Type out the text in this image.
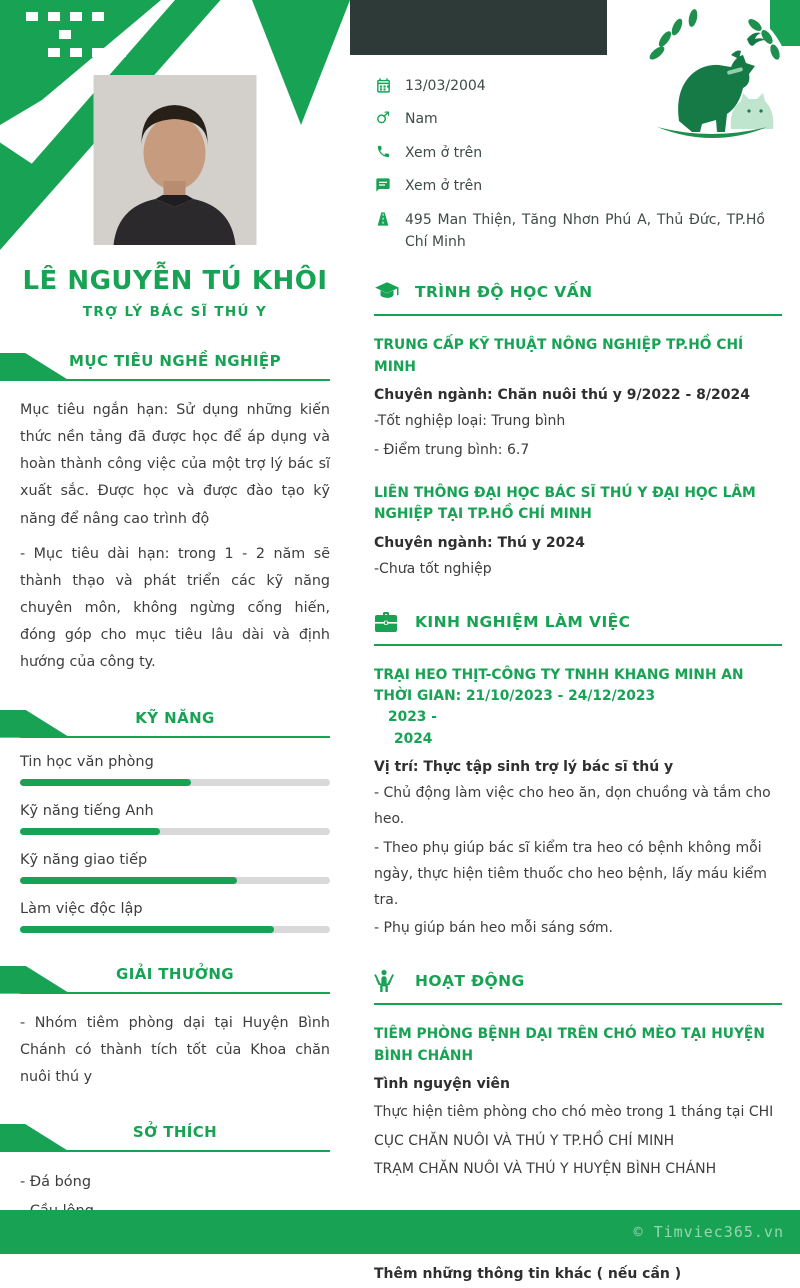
LÊ NGUYỄN TÚ KHÔI
TRỢ LÝ BÁC SĨ THÚ Y
MỤC TIÊU NGHỀ NGHIỆP

Mục tiêu ngắn hạn: Sử dụng những kiến thức nền tảng đã được học để áp dụng và hoàn thành công việc của một trợ lý bác sĩ xuất sắc. Được học và được đào tạo kỹ năng để nâng cao trình độ

- Mục tiêu dài hạn: trong 1 - 2 năm sẽ thành thạo và phát triển các kỹ năng chuyên môn, không ngừng cống hiến, đóng góp cho mục tiêu lâu dài và định hướng của công ty.

KỸ NĂNG
Tin học văn phòng
Kỹ năng tiếng Anh
Kỹ năng giao tiếp
Làm việc độc lập
GIẢI THƯỞNG

- Nhóm tiêm phòng dại tại Huyện Bình Chánh có thành tích tốt của Khoa chăn nuôi thú y

SỞ THÍCH
- Đá bóng
13/03/2004
♂ Nam
Xem ở trên
Xem ở trên
495 Man Thiện, Tăng Nhơn Phú A, Thủ Đức, TP.Hồ Chí Minh
TRÌNH ĐỘ HỌC VẤN
TRUNG CẤP KỸ THUẬT NÔNG NGHIỆP TP.HỒ CHÍ MINH
Chuyên ngành: Chăn nuôi thú y 9/2022 - 8/2024
-Tốt nghiệp loại: Trung bình
- Điểm trung bình: 6.7
LIÊN THÔNG ĐẠI HỌC BÁC SĨ THÚ Y ĐẠI HỌC LÂM NGHIỆP TẠI TP.HỒ CHÍ MINH
Chuyên ngành: Thú y 2024
-Chưa tốt nghiệp
KINH NGHIỆM LÀM VIỆC
TRẠI HEO THỊT-CÔNG TY TNHH KHANG MINH AN
THỜI GIAN: 21/10/2023 - 24/12/2023
2023 -
2024
Vị trí: Thực tập sinh trợ lý bác sĩ thú y
- Chủ động làm việc cho heo ăn, dọn chuồng và tắm cho heo.
- Theo phụ giúp bác sĩ kiểm tra heo có bệnh không mỗi ngày, thực hiện tiêm thuốc cho heo bệnh, lấy máu kiểm tra.
- Phụ giúp bán heo mỗi sáng sớm.
HOẠT ĐỘNG
TIÊM PHÒNG BỆNH DẠI TRÊN CHÓ MÈO TẠI HUYỆN BÌNH CHÁNH
Tình nguyện viên
Thực hiện tiêm phòng cho chó mèo trong 1 tháng tại CHI
CỤC CHĂN NUÔI VÀ THÚ Y TP.HỒ CHÍ MINH
TRẠM CHĂN NUÔI VÀ THÚ Y HUYỆN BÌNH CHÁNH
Thêm những thông tin khác ( nếu cần )
© Timviec365.vn
